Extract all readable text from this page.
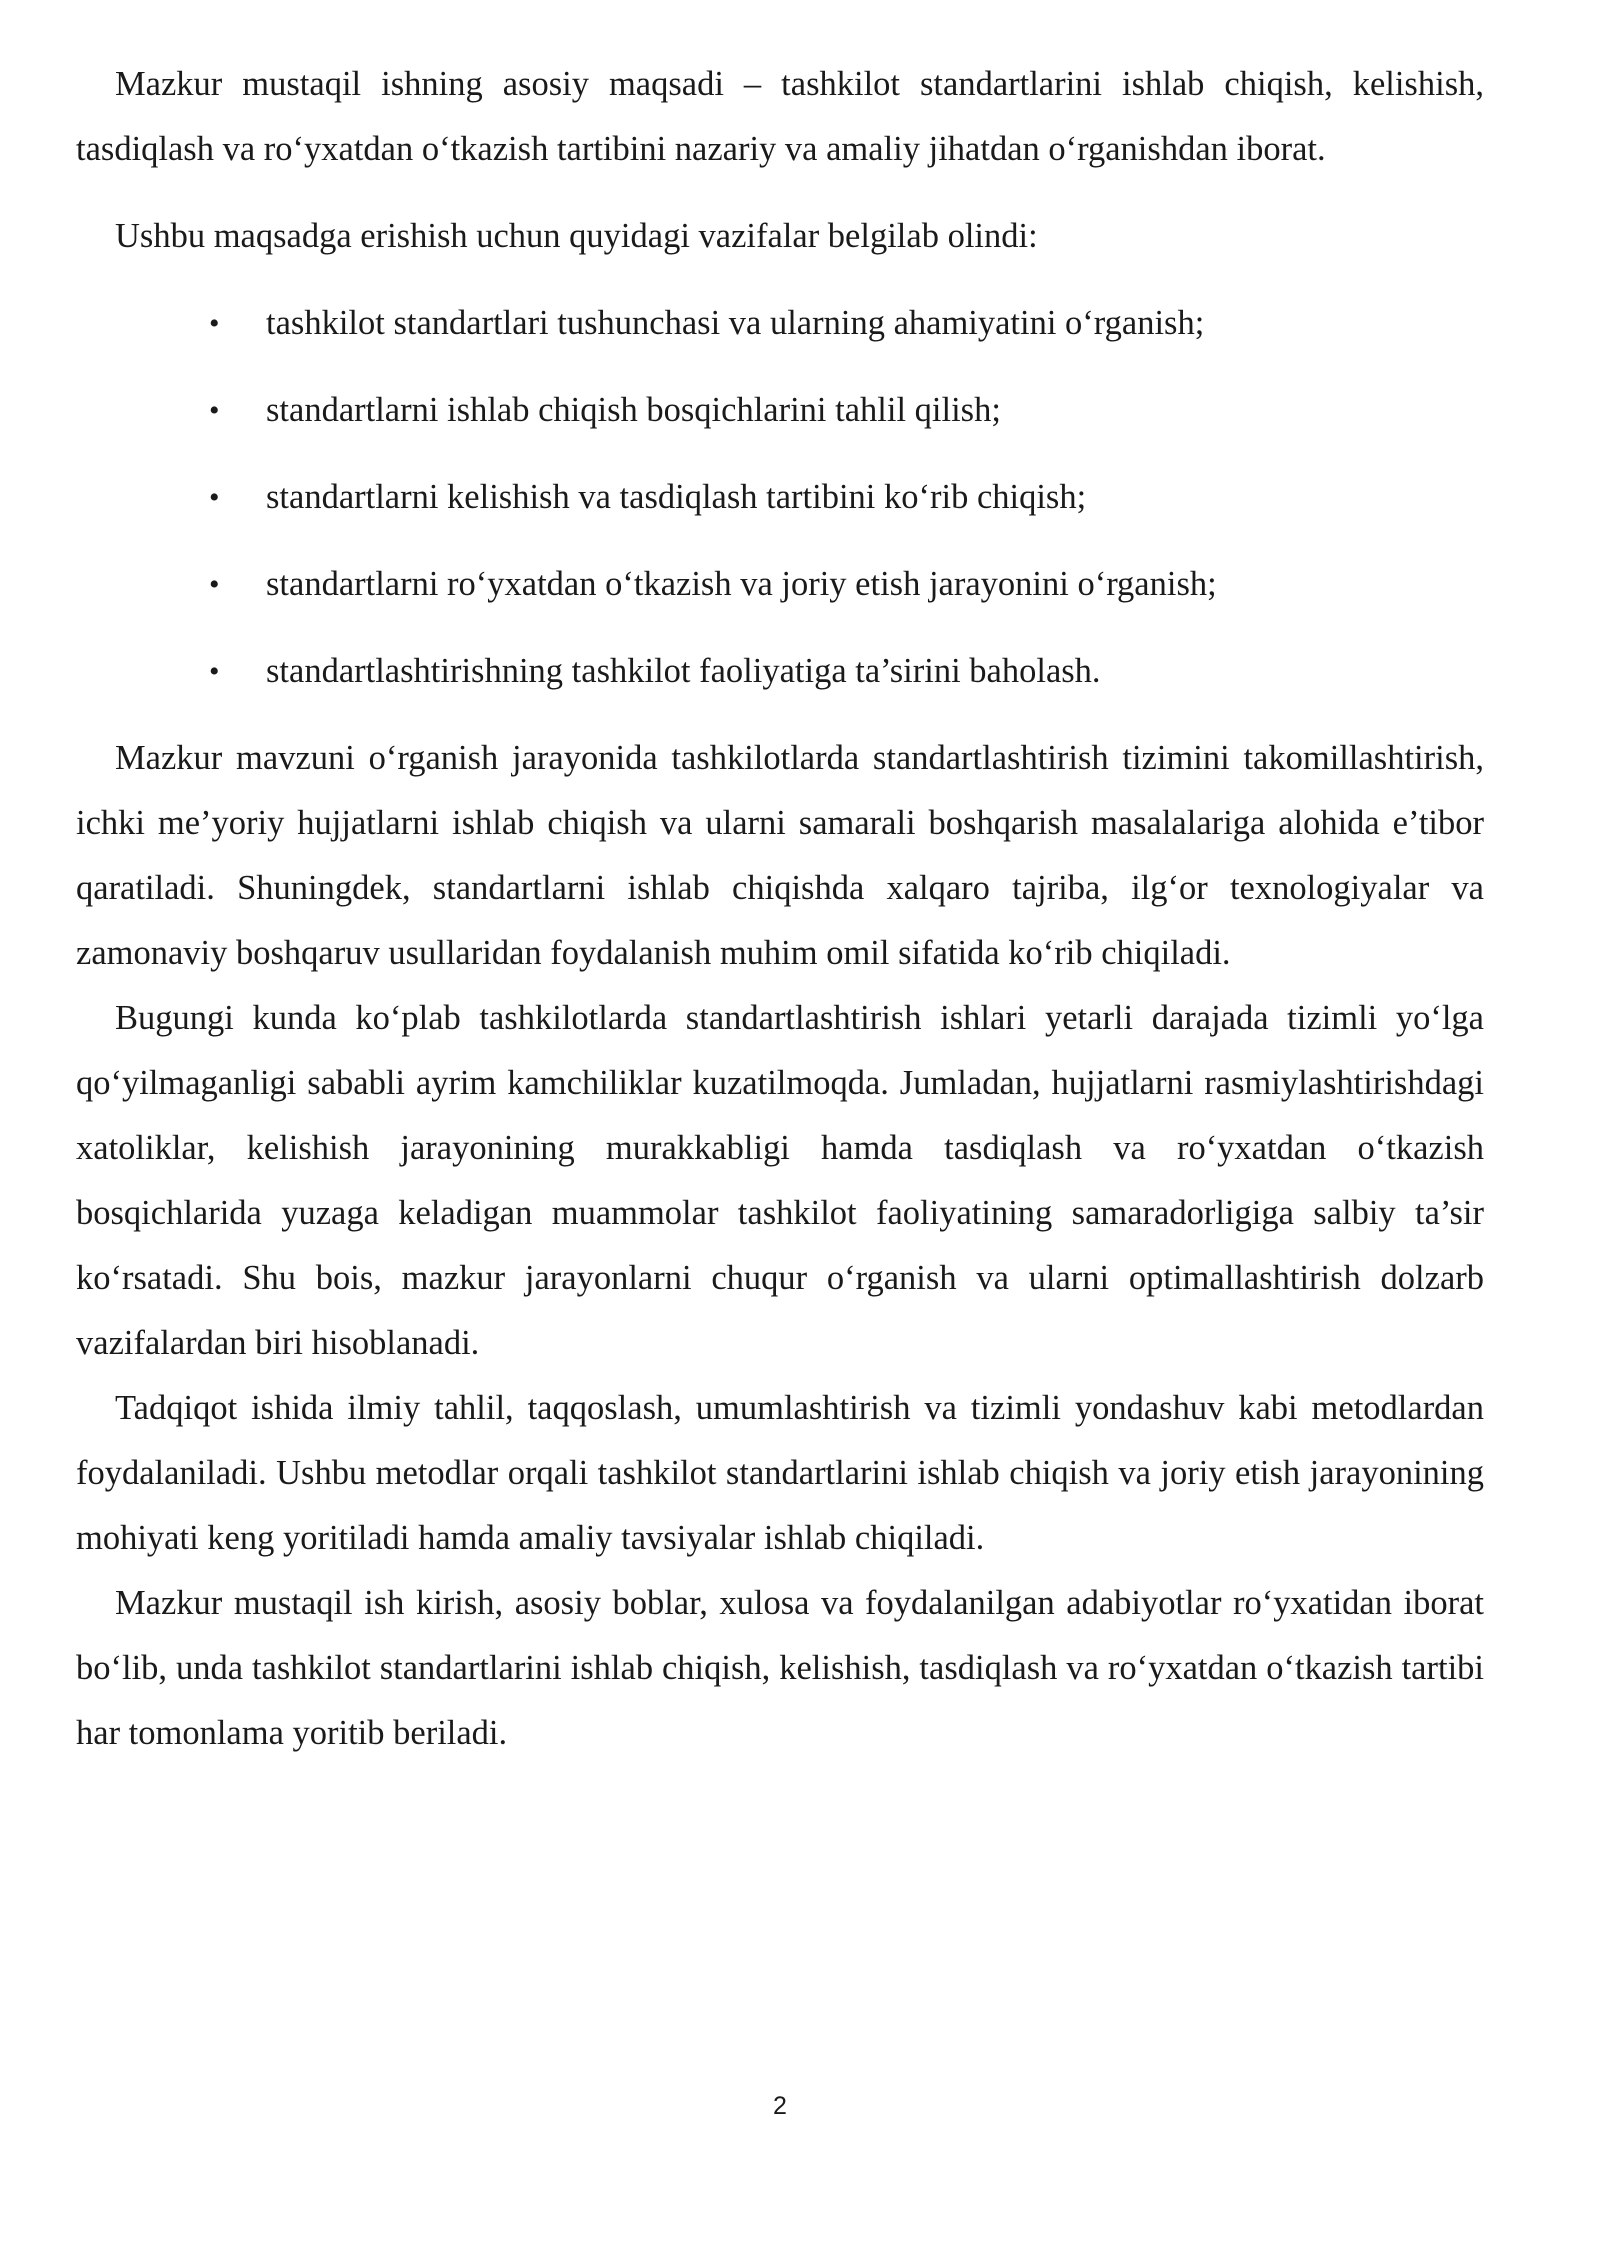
Mazkur mustaqil ishning asosiy maqsadi – tashkilot standartlarini ishlab chiqish, kelishish, tasdiqlash va ro‘yxatdan o‘tkazish tartibini nazariy va amaliy jihatdan o‘rganishdan iborat.

Ushbu maqsadga erishish uchun quyidagi vazifalar belgilab olindi:

• tashkilot standartlari tushunchasi va ularning ahamiyatini o‘rganish;
• standartlarni ishlab chiqish bosqichlarini tahlil qilish;
• standartlarni kelishish va tasdiqlash tartibini ko‘rib chiqish;
• standartlarni ro‘yxatdan o‘tkazish va joriy etish jarayonini o‘rganish;
• standartlashtirishning tashkilot faoliyatiga ta’sirini baholash.

Mazkur mavzuni o‘rganish jarayonida tashkilotlarda standartlashtirish tizimini takomillashtirish, ichki me’yoriy hujjatlarni ishlab chiqish va ularni samarali boshqarish masalalariga alohida e’tibor qaratiladi. Shuningdek, standartlarni ishlab chiqishda xalqaro tajriba, ilg‘or texnologiyalar va zamonaviy boshqaruv usullaridan foydalanish muhim omil sifatida ko‘rib chiqiladi.

Bugungi kunda ko‘plab tashkilotlarda standartlashtirish ishlari yetarli darajada tizimli yo‘lga qo‘yilmaganligi sababli ayrim kamchiliklar kuzatilmoqda. Jumladan, hujjatlarni rasmiylashtirishdagi xatoliklar, kelishish jarayonining murakkabligi hamda tasdiqlash va ro‘yxatdan o‘tkazish bosqichlarida yuzaga keladigan muammolar tashkilot faoliyatining samaradorligiga salbiy ta’sir ko‘rsatadi. Shu bois, mazkur jarayonlarni chuqur o‘rganish va ularni optimallashtirish dolzarb vazifalardan biri hisoblanadi.

Tadqiqot ishida ilmiy tahlil, taqqoslash, umumlashtirish va tizimli yondashuv kabi metodlardan foydalaniladi. Ushbu metodlar orqali tashkilot standartlarini ishlab chiqish va joriy etish jarayonining mohiyati keng yoritiladi hamda amaliy tavsiyalar ishlab chiqiladi.

Mazkur mustaqil ish kirish, asosiy boblar, xulosa va foydalanilgan adabiyotlar ro‘yxatidan iborat bo‘lib, unda tashkilot standartlarini ishlab chiqish, kelishish, tasdiqlash va ro‘yxatdan o‘tkazish tartibi har tomonlama yoritib beriladi.

2
